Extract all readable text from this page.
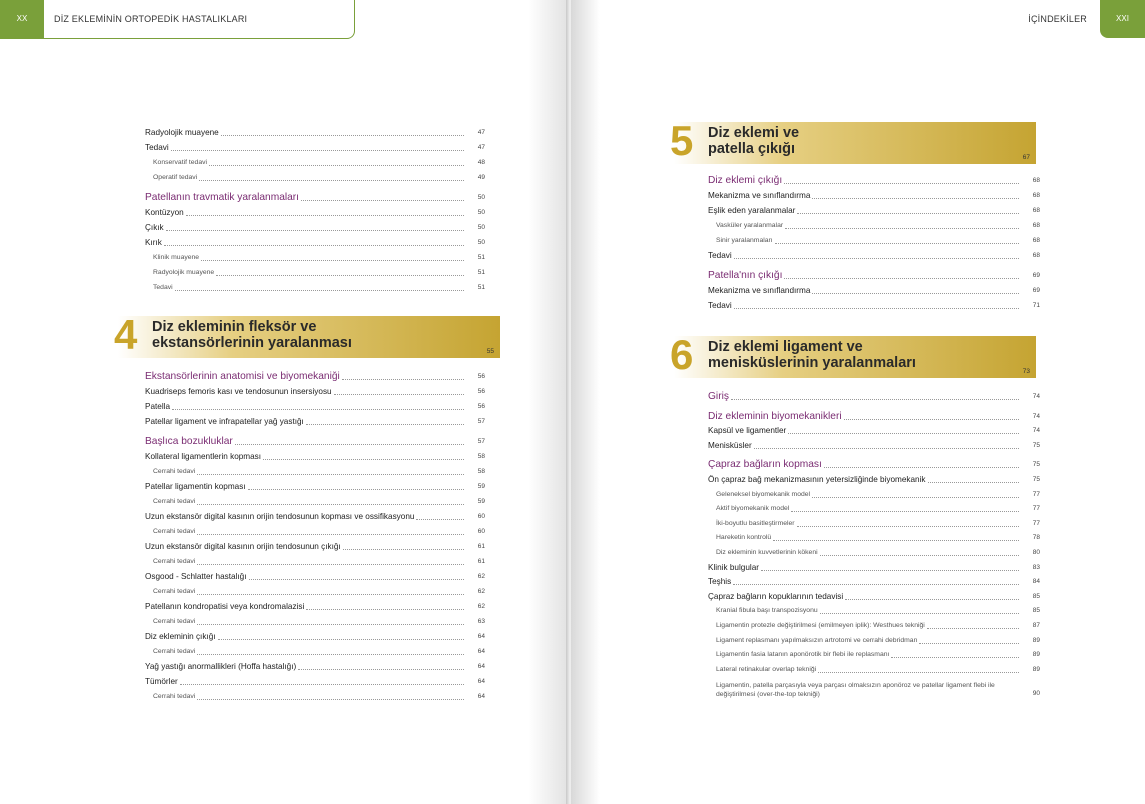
XX	DİZ EKLEMİNİN ORTOPEDİK HASTALIKLARI
Radyolojik muayene	47
Tedavi	47
Konservatif tedavi	48
Operatif tedavi	49
Patellanın travmatik yaralanmaları	50
Kontüzyon	50
Çıkık	50
Kırık	50
Klinik muayene	51
Radyolojik muayene	51
Tedavi	51
4 Diz ekleminin fleksör ve
ekstansörlerinin yaralanması
55
Ekstansörlerinin anatomisi ve biyomekaniği	56
Kuadriseps femoris kası ve tendosunun insersiyosu	56
Patella	56
Patellar ligament ve infrapatellar yağ yastığı	57
Başlıca bozukluklar	57
Kollateral ligamentlerin kopması	58
Cerrahi tedavi	58
Patellar ligamentin kopması	59
Cerrahi tedavi	59
Uzun ekstansör digital kasının orijin tendosunun kopması ve ossifikasyonu	60
Cerrahi tedavi	60
Uzun ekstansör digital kasının orijin tendosunun çıkığı	61
Cerrahi tedavi	61
Osgood - Schlatter hastalığı	62
Cerrahi tedavi	62
Patellanın kondropatisi veya kondromalazisi	62
Cerrahi tedavi	63
Diz ekleminin çıkığı	64
Cerrahi tedavi	64
Yağ yastığı anormallikleri (Hoffa hastalığı)	64
Tümörler	64
Cerrahi tedavi	64
İÇİNDEKİLER	XXI
5 Diz eklemi ve
patella çıkığı
67
Diz eklemi çıkığı	68
Mekanizma ve sınıflandırma	68
Eşlik eden yaralanmalar	68
Vasküler yaralanmalar	68
Sinir yaralanmaları	68
Tedavi	68
Patella'nın çıkığı	69
Mekanizma ve sınıflandırma	69
Tedavi	71
6 Diz eklemi ligament ve
menisküslerinin yaralanmaları
73
Giriş	74
Diz ekleminin biyomekanikleri	74
Kapsül ve ligamentler	74
Menisküsler	75
Çapraz bağların kopması	75
Ön çapraz bağ mekanizmasının yetersizliğinde biyomekanik	75
Geleneksel biyomekanik model	77
Aktif biyomekanik model	77
İki-boyutlu basitleştirmeler	77
Hareketin kontrolü	78
Diz ekleminin kuvvetlerinin kökeni	80
Klinik bulgular	83
Teşhis	84
Çapraz bağların kopuklarının tedavisi	85
Kranial fibula başı transpozisyonu	85
Ligamentin protezle değiştirilmesi (emilmeyen iplik): Westhues tekniği	87
Ligament replasmanı yapılmaksızın artrotomi ve cerrahi debridman	89
Ligamentin fasia latanın aponörotik bir flebi ile replasmanı	89
Lateral retinakular overlap tekniği	89
Ligamentin, patella parçasıyla veya parçası olmaksızın aponöroz ve patellar ligament flebi ile değiştirilmesi (over-the-top tekniği)	90
